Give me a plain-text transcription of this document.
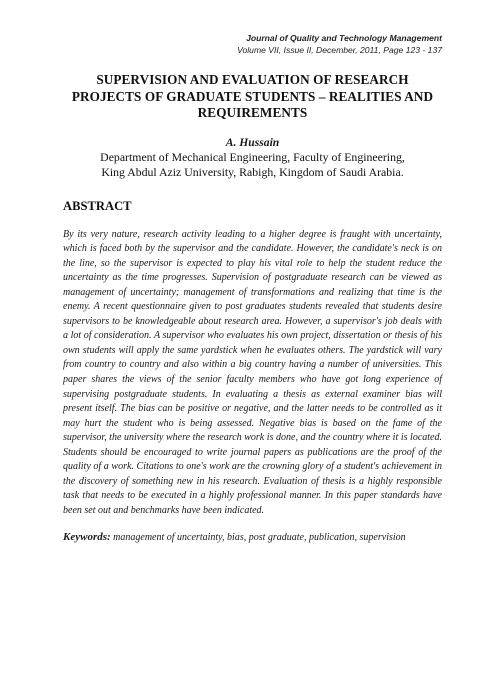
Journal of Quality and Technology Management
Volume VII, Issue II, December, 2011, Page 123 - 137
SUPERVISION AND EVALUATION OF RESEARCH PROJECTS OF GRADUATE STUDENTS – REALITIES AND REQUIREMENTS
A. Hussain
Department of Mechanical Engineering, Faculty of Engineering,
King Abdul Aziz University, Rabigh, Kingdom of Saudi Arabia.
ABSTRACT
By its very nature, research activity leading to a higher degree is fraught with uncertainty, which is faced both by the supervisor and the candidate. However, the candidate's neck is on the line, so the supervisor is expected to play his vital role to help the student reduce the uncertainty as the time progresses. Supervision of postgraduate research can be viewed as management of uncertainty; management of transformations and realizing that time is the enemy. A recent questionnaire given to post graduates students revealed that students desire supervisors to be knowledgeable about research area. However, a supervisor's job deals with a lot of consideration. A supervisor who evaluates his own project, dissertation or thesis of his own students will apply the same yardstick when he evaluates others. The yardstick will vary from country to country and also within a big country having a number of universities. This paper shares the views of the senior faculty members who have got long experience of supervising postgraduate students. In evaluating a thesis as external examiner bias will present itself. The bias can be positive or negative, and the latter needs to be controlled as it may hurt the student who is being assessed. Negative bias is based on the fame of the supervisor, the university where the research work is done, and the country where it is located. Students should be encouraged to write journal papers as publications are the proof of the quality of a work. Citations to one's work are the crowning glory of a student's achievement in the discovery of something new in his research. Evaluation of thesis is a highly responsible task that needs to be executed in a highly professional manner. In this paper standards have been set out and benchmarks have been indicated.
Keywords: management of uncertainty, bias, post graduate, publication, supervision
